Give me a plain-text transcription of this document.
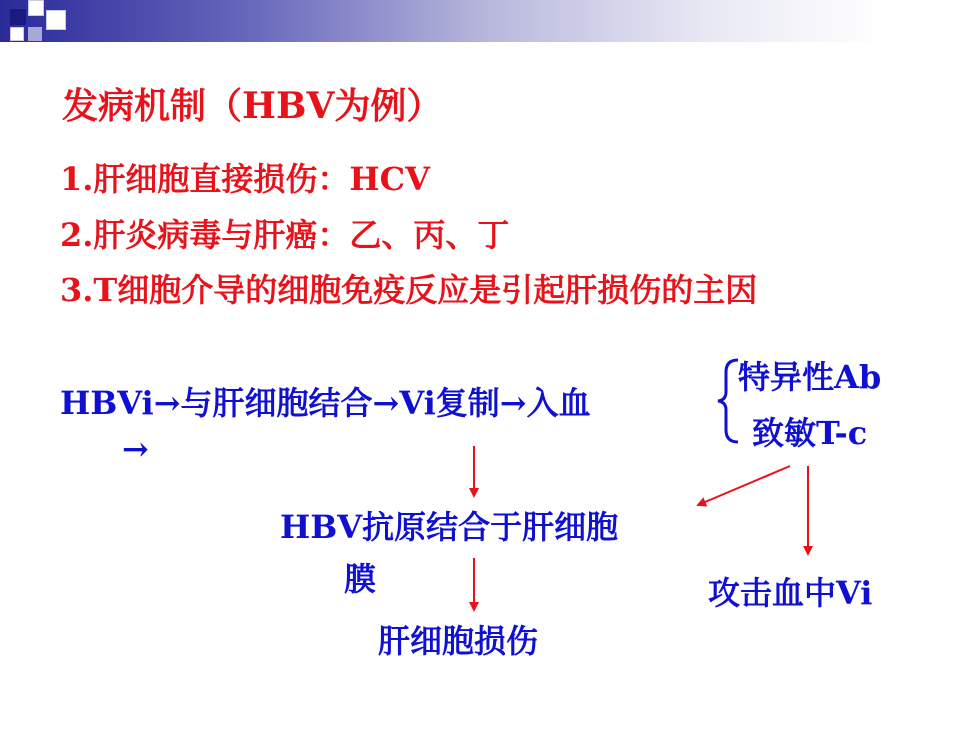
发病机制（HBV为例）
1.肝细胞直接损伤：HCV
2.肝炎病毒与肝癌：乙、丙、丁
3.T细胞介导的细胞免疫反应是引起肝损伤的主因
HBVi→与肝细胞结合→Vi复制→入血
→
特异性Ab
致敏T-c
HBV抗原结合于肝细胞
膜
肝细胞损伤
攻击血中Vi
